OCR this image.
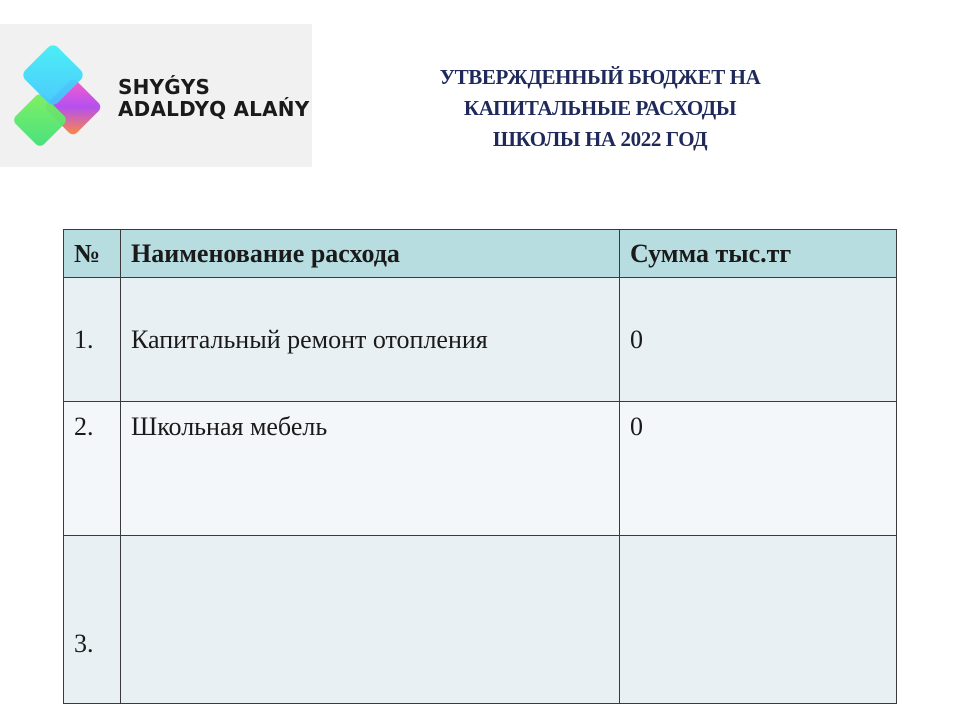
SHYǴYS
ADALDYQ ALAŃY
УТВЕРЖДЕННЫЙ БЮДЖЕТ НА
КАПИТАЛЬНЫЕ РАСХОДЫ
ШКОЛЫ НА 2022 ГОД
№	Наименование расхода	Сумма тыс.тг
1.	Капитальный ремонт отопления	0
2.	Школьная мебель	0
3.		
